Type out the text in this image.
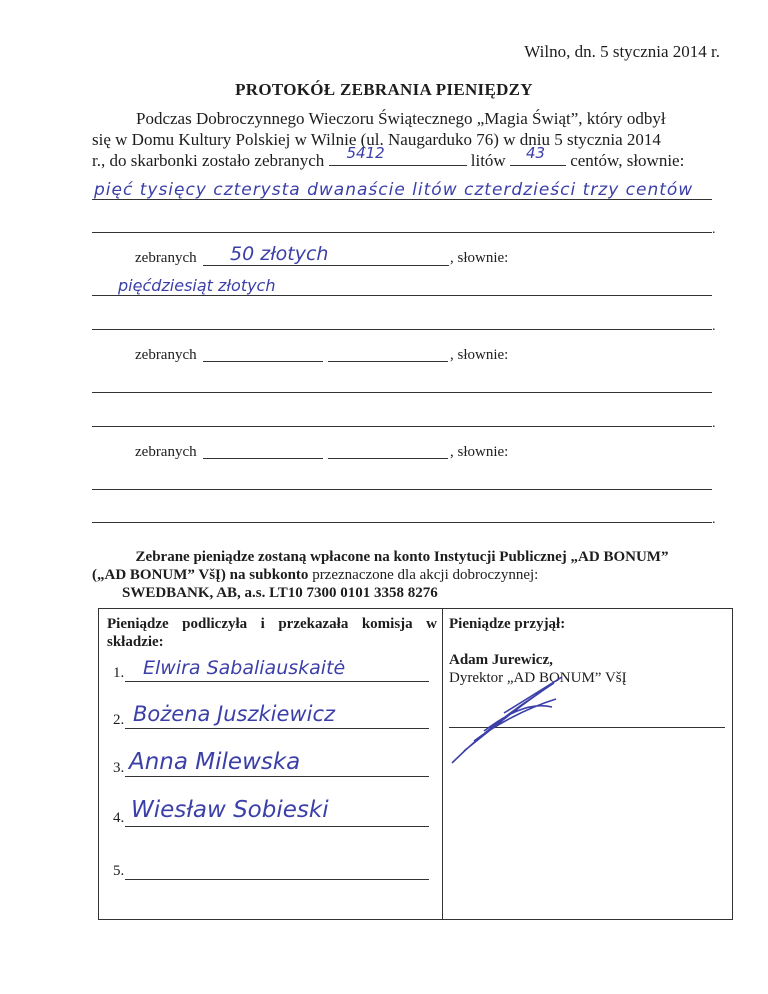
Wilno, dn. 5 stycznia 2014 r.
PROTOKÓŁ ZEBRANIA PIENIĘDZY
Podczas Dobroczynnego Wieczoru Świątecznego „Magia Świąt”, który odbył
się w Domu Kultury Polskiej w Wilnie (ul. Naugarduko 76) w dniu 5 stycznia 2014
r., do skarbonki zostało zebranych 5412	litów 43 centów, słownie:
pięć tysięcy czterysta dwanaście litów czterdzieści trzy centów
.
zebranych 50 złotych	, słownie:
pięćdziesiąt złotych
.
zebranych	, słownie:
.
zebranych	, słownie:
.
Zebrane pieniądze zostaną wpłacone na konto Instytucji Publicznej „AD BONUM”
(„AD BONUM” VšĮ) na subkonto przeznaczone dla akcji dobroczynnej:
SWEDBANK, AB, a.s. LT10 7300 0101 3358 8276
Pieniądze podliczyła i przekazała komisja w składzie:
Pieniądze przyjął:
Adam Jurewicz,
Dyrektor „AD BONUM” VšĮ
1. Elwira Sabaliauskaitė
2. Bożena Juszkiewicz
3. Anna Milewska
4. Wiesław Sobieski
5.
